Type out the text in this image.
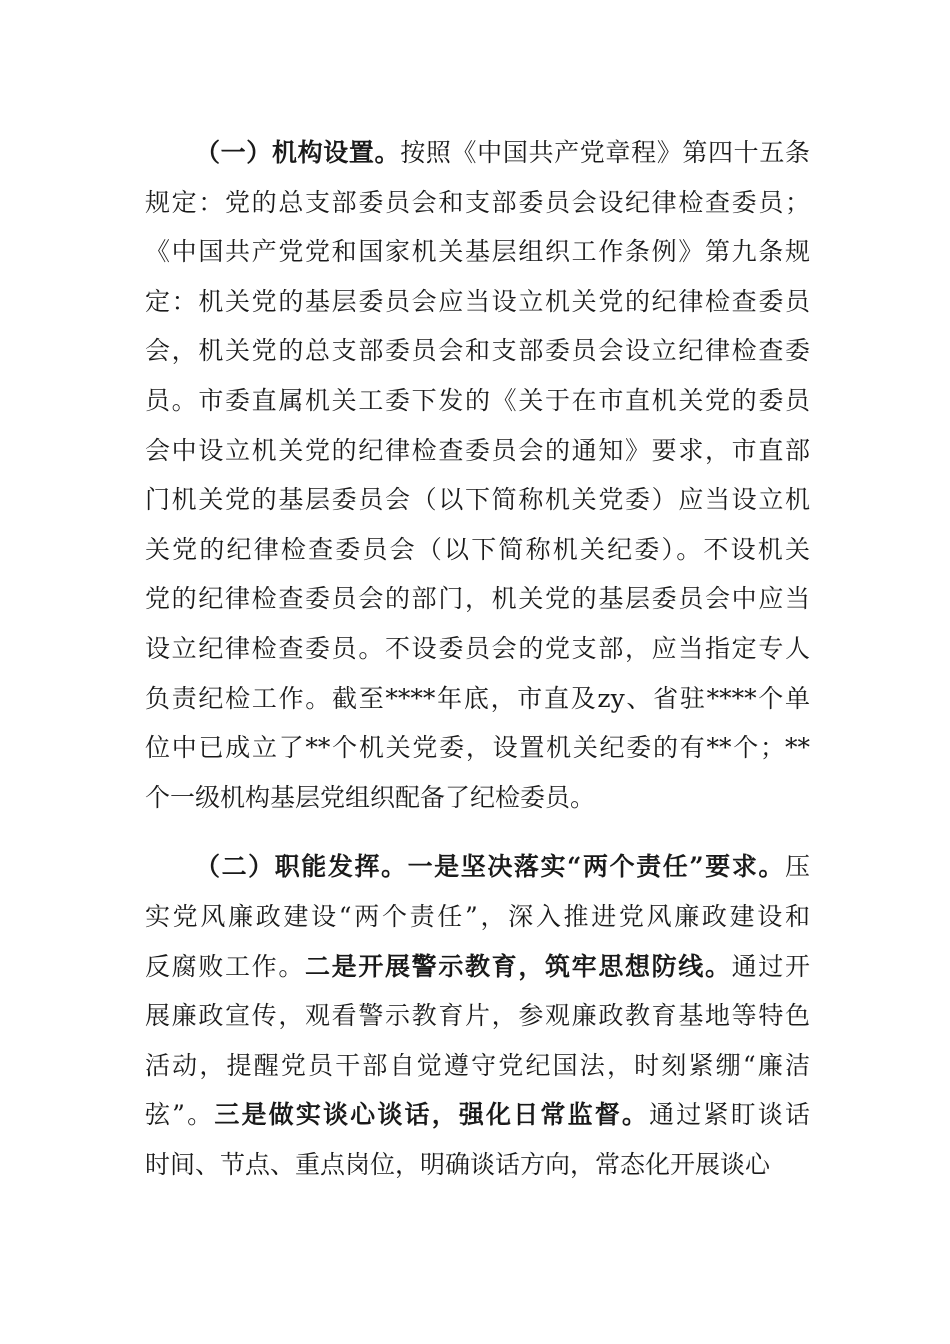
（一）机构设置。按照《中国共产党章程》第四十五条
规定：党的总支部委员会和支部委员会设纪律检查委员；
《中国共产党党和国家机关基层组织工作条例》第九条规
定：机关党的基层委员会应当设立机关党的纪律检查委员
会，机关党的总支部委员会和支部委员会设立纪律检查委
员。市委直属机关工委下发的《关于在市直机关党的委员
会中设立机关党的纪律检查委员会的通知》要求，市直部
门机关党的基层委员会（以下简称机关党委）应当设立机
关党的纪律检查委员会（以下简称机关纪委）。不设机关
党的纪律检查委员会的部门，机关党的基层委员会中应当
设立纪律检查委员。不设委员会的党支部，应当指定专人
负责纪检工作。截至****年底，市直及zy、省驻****个单
位中已成立了**个机关党委，设置机关纪委的有**个；**
个一级机构基层党组织配备了纪检委员。
（二）职能发挥。一是坚决落实“两个责任”要求。压
实党风廉政建设“两个责任”，深入推进党风廉政建设和
反腐败工作。二是开展警示教育，筑牢思想防线。通过开
展廉政宣传，观看警示教育片，参观廉政教育基地等特色
活动，提醒党员干部自觉遵守党纪国法，时刻紧绷“廉洁
弦”。三是做实谈心谈话，强化日常监督。通过紧盯谈话
时间、节点、重点岗位，明确谈话方向，常态化开展谈心
